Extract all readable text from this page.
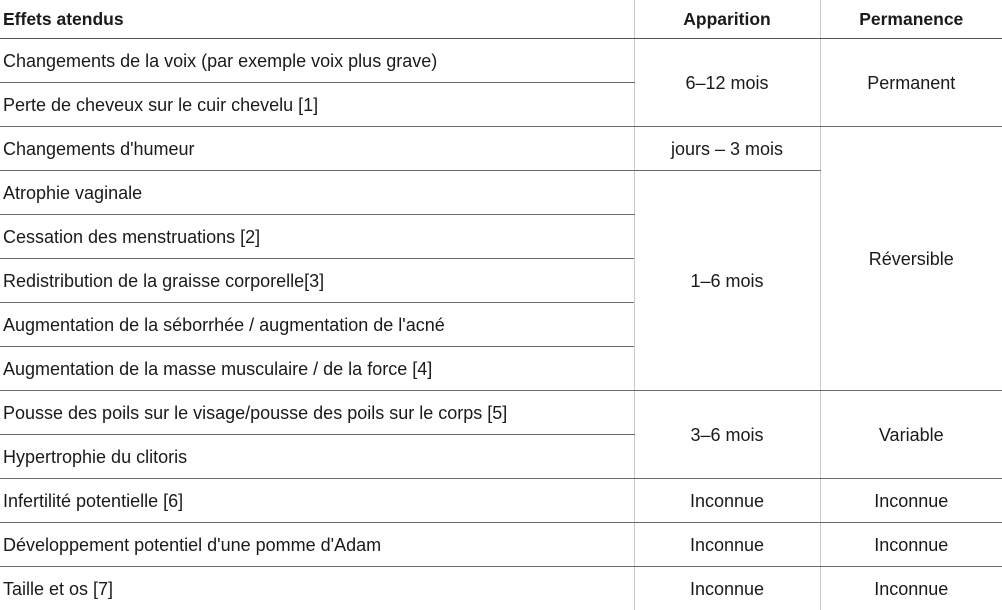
Effets atendus	Apparition	Permanence
Changements de la voix (par exemple voix plus grave)	6–12 mois	Permanent
Perte de cheveux sur le cuir chevelu [1]		
Changements d'humeur	jours – 3 mois	Réversible
Atrophie vaginale	1–6 mois	
Cessation des menstruations [2]		
Redistribution de la graisse corporelle[3]		
Augmentation de la séborrhée / augmentation de l'acné		
Augmentation de la masse musculaire / de la force [4]		
Pousse des poils sur le visage/pousse des poils sur le corps [5]	3–6 mois	Variable
Hypertrophie du clitoris		
Infertilité potentielle [6]	Inconnue	Inconnue
Développement potentiel d'une pomme d'Adam	Inconnue	Inconnue
Taille et os [7]	Inconnue	Inconnue
